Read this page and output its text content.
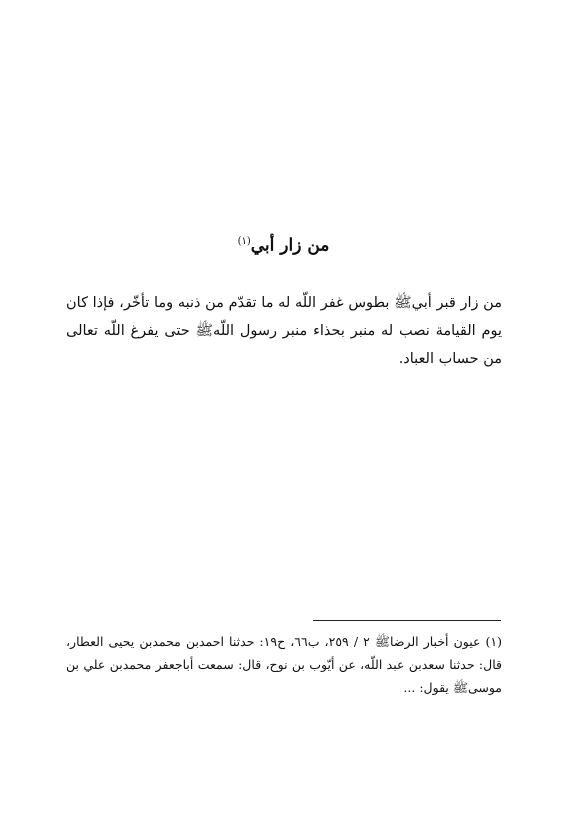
من زار أبي$^{(١)}$

من زار قبر أبيﷺ بطوس غفر اللّه له ما تقدّم من ذنبه وما تأخّر، فإذا كان يوم القيامة نصب له منبر بحذاء منبر رسول اللّهﷺ حتى يفرغ اللّه تعالى من حساب العباد.

(١) عيون أخبار الرضاﷺ ٢ / ٢٥٩، ب٦٦، ح١٩: حدثنا احمدبن محمدبن يحيى العطار، قال: حدثنا سعدبن عبد اللّه، عن أيّوب بن نوح، قال: سمعت أباجعفر محمدبن علي بن موسىﷺ يقول: ...
